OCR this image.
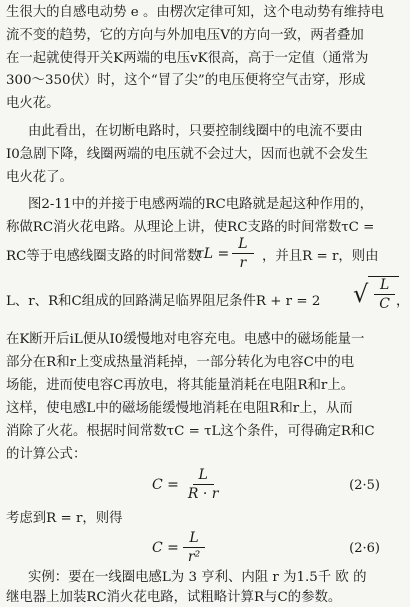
生很大的自感电动势 e 。由楞次定律可知，这个电动势有维持电
流不变的趋势，它的方向与外加电压V的方向一致，两者叠加
在一起就使得开关K两端的电压vK很高，高于一定值（通常为
300～350伏）时，这个“冒了尖”的电压便将空气击穿，形成
电火花。
由此看出，在切断电路时，只要控制线圈中的电流不要由
I0急剧下降，线圈两端的电压就不会过大，因而也就不会发生
电火花了。
图2-11中的并接于电感两端的RC电路就是起这种作用的，
称做RC消火花电路。从理论上讲，使RC支路的时间常数τC =
RC等于电感线圈支路的时间常数
$\tau L = \frac{L}{r}$ ，并且R = r，则由
L、r、R和C组成的回路满足临界阻尼条件R + r = 2 √ $\frac{L}{C}$ ，
在K断开后iL便从I0缓慢地对电容充电。电感中的磁场能量一
部分在R和r上变成热量消耗掉，一部分转化为电容C中的电
场能，进而使电容C再放电，将其能量消耗在电阻R和r上。
这样，使电感L中的磁场能缓慢地消耗在电阻R和r上，从而
消除了火花。根据时间常数τC = τL这个条件，可得确定R和C
的计算公式：
$C = \frac{L}{R \cdot r}$	(2·5)
考虑到R = r，则得
$C = \frac{L}{\text{r²}}$	(2·6)
实例：要在一线圈电感L为 3 亨利、内阻 r 为1.5千 欧 的
继电器上加装RC消火花电路，试粗略计算R与C的参数。
